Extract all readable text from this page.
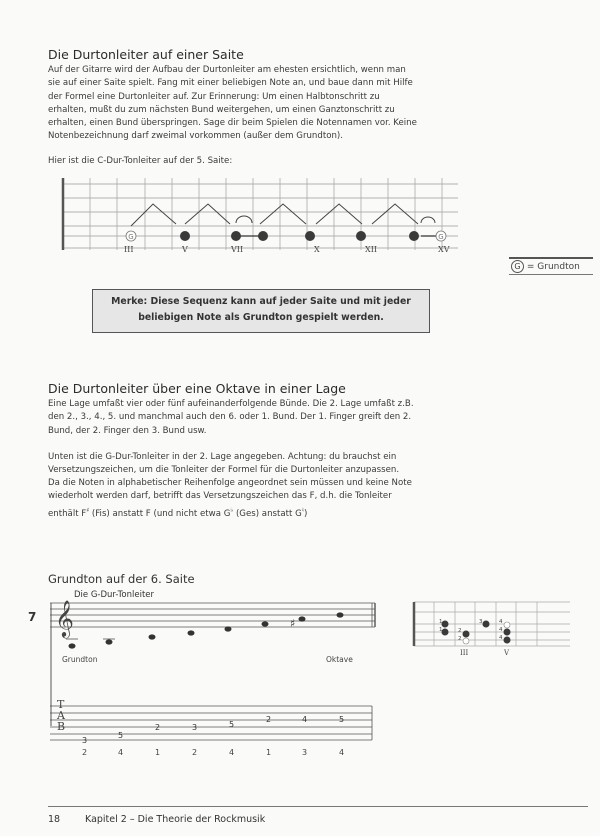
Die Durtonleiter auf einer Saite

Auf der Gitarre wird der Aufbau der Durtonleiter am ehesten ersichtlich, wenn man sie auf einer Saite spielt. Fang mit einer beliebigen Note an, und baue dann mit Hilfe der Formel eine Durtonleiter auf. Zur Erinnerung: Um einen Halbtonschritt zu erhalten, mußt du zum nächsten Bund weitergehen, um einen Ganztonschritt zu erhalten, einen Bund überspringen. Sage dir beim Spielen die Notennamen vor. Keine Notenbezeichnung darf zweimal vorkommen (außer dem Grundton).

Hier ist die C-Dur-Tonleiter auf der 5. Saite:

G	G
III	V	VII	X	XII	XV
G = Grundton
Merke: Diese Sequenz kann auf jeder Saite und mit jeder
beliebigen Note als Grundton gespielt werden.
Die Durtonleiter über eine Oktave in einer Lage

Eine Lage umfaßt vier oder fünf aufeinanderfolgende Bünde. Die 2. Lage umfaßt z.B. den 2., 3., 4., 5. und manchmal auch den 6. oder 1. Bund. Der 1. Finger greift den 2. Bund, der 2. Finger den 3. Bund usw.

Unten ist die G-Dur-Tonleiter in der 2. Lage angegeben. Achtung: du brauchst ein Versetzungszeichen, um die Tonleiter der Formel für die Durtonleiter anzupassen.

Da die Noten in alphabetischer Reihenfolge angeordnet sein müssen und keine Note wiederholt werden darf, betrifft das Versetzungszeichen das F, d.h. die Tonleiter enthält F♯ (Fis) anstatt F (und nicht etwa G♭ (Ges) anstatt G♮)

Grundton auf der 6. Saite
Die G-Dur-Tonleiter
7 𝄞	♯
Grundton	Oktave
T
A
B
3
5
2	3	5
2	4	5
2	4	1	2	4	1	3	4
1
1	2
2
3	4
4
4
III	V
18	Kapitel 2 – Die Theorie der Rockmusik
